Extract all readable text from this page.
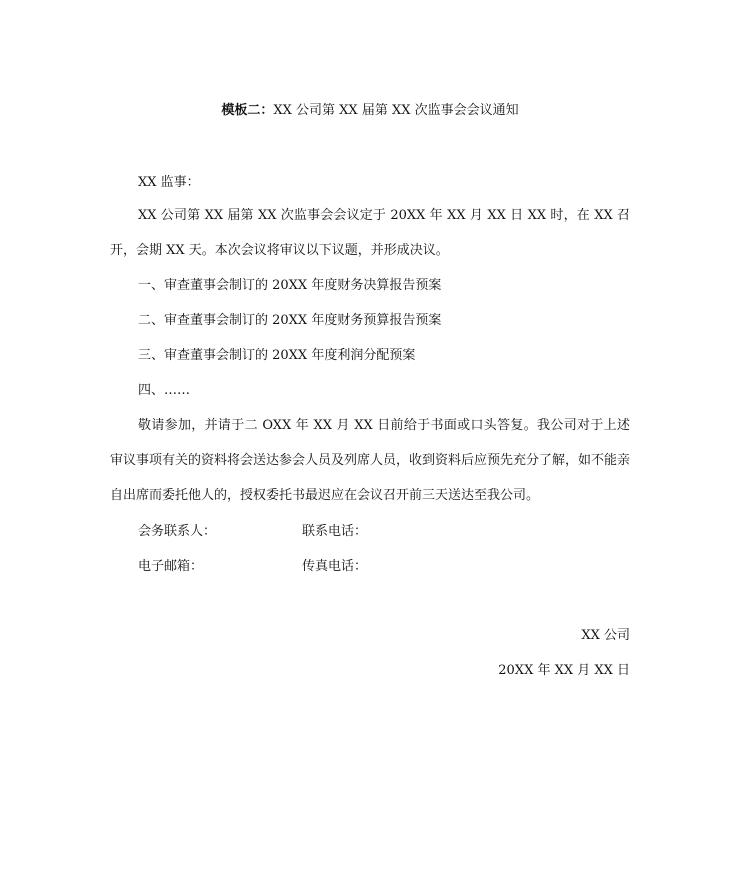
模板二：XX 公司第 XX 届第 XX 次监事会会议通知
XX 监事：
XX 公司第 XX 届第 XX 次监事会会议定于 20XX 年 XX 月 XX 日 XX 时，在 XX 召开，会期 XX 天。本次会议将审议以下议题，并形成决议。
一、审查董事会制订的 20XX 年度财务决算报告预案
二、审查董事会制订的 20XX 年度财务预算报告预案
三、审查董事会制订的 20XX 年度利润分配预案
四、……
敬请参加，并请于二 OXX 年 XX 月 XX 日前给于书面或口头答复。我公司对于上述审议事项有关的资料将会送达参会人员及列席人员，收到资料后应预先充分了解，如不能亲自出席而委托他人的，授权委托书最迟应在会议召开前三天送达至我公司。
会务联系人：	联系电话：
电子邮箱：	传真电话：
XX 公司
20XX 年 XX 月 XX 日
